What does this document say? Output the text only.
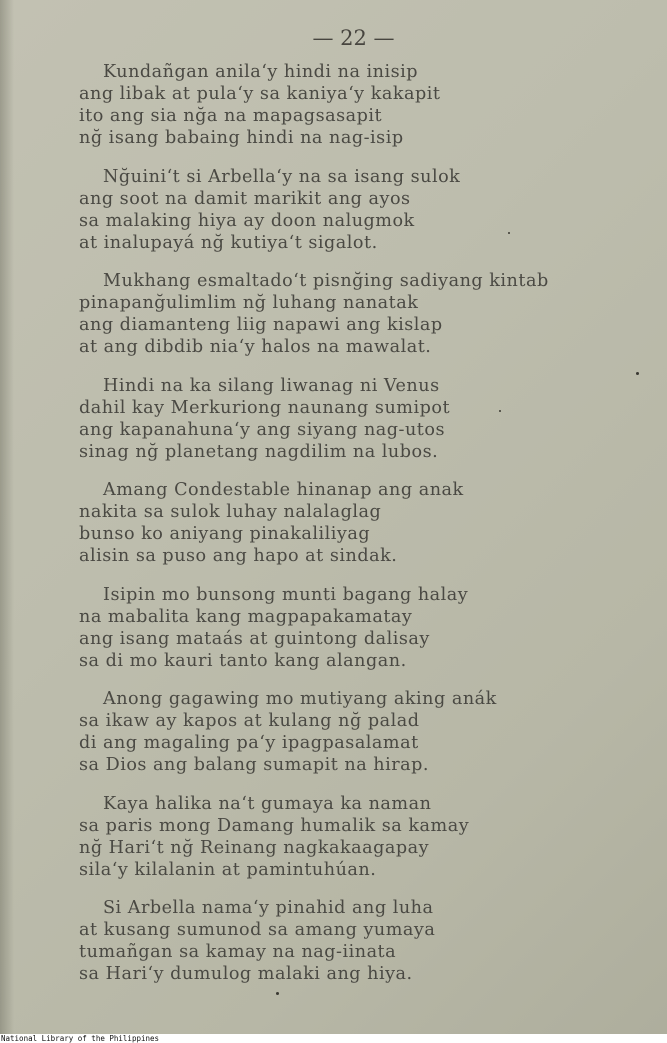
— 22 —
Kundañgan anila‘y hindi na inisip
ang libak at pula‘y sa kaniya‘y kakapit
ito ang sia nğa na mapagsasapit
nğ isang babaing hindi na nag-isip
Nğuini‘t si Arbella‘y na sa isang sulok
ang soot na damit marikit ang ayos
sa malaking hiya ay doon nalugmok
at inalupayá nğ kutiya‘t sigalot.
Mukhang esmaltado‘t pisnğing sadiyang kintab
pinapanğulimlim nğ luhang nanatak
ang diamanteng liig napawi ang kislap
at ang dibdib nia‘y halos na mawalat.
Hindi na ka silang liwanag ni Venus
dahil kay Merkuriong naunang sumipot
ang kapanahuna‘y ang siyang nag-utos
sinag nğ planetang nagdilim na lubos.
Amang Condestable hinanap ang anak
nakita sa sulok luhay nalalaglag
bunso ko aniyang pinakaliliyag
alisin sa puso ang hapo at sindak.
Isipin mo bunsong munti bagang halay
na mabalita kang magpapakamatay
ang isang mataás at guintong dalisay
sa di mo kauri tanto kang alangan.
Anong gagawing mo mutiyang aking anák
sa ikaw ay kapos at kulang nğ palad
di ang magaling pa‘y ipagpasalamat
sa Dios ang balang sumapit na hirap.
Kaya halika na‘t gumaya ka naman
sa paris mong Damang humalik sa kamay
nğ Hari‘t nğ Reinang nagkakaagapay
sila‘y kilalanin at pamintuhúan.
Si Arbella nama‘y pinahid ang luha
at kusang sumunod sa amang yumaya
tumañgan sa kamay na nag-iinata
sa Hari‘y dumulog malaki ang hiya.
National Library of the Philippines
